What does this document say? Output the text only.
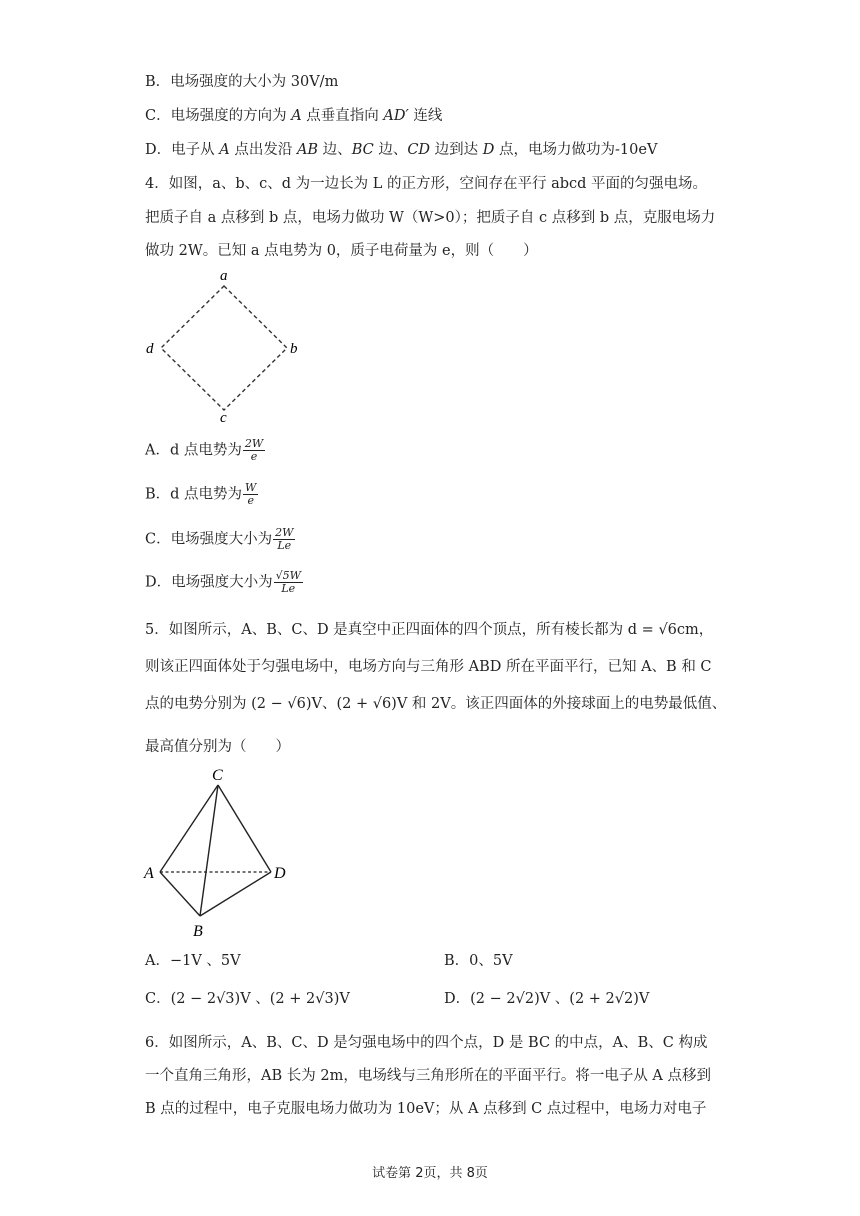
B．电场强度的大小为 30V/m
C．电场强度的方向为 A 点垂直指向 AD′ 连线
D．电子从 A 点出发沿 AB 边、BC 边、CD 边到达 D 点，电场力做功为-10eV
4．如图，a、b、c、d 为一边长为 L 的正方形，空间存在平行 abcd 平面的匀强电场。
把质子自 a 点移到 b 点，电场力做功 W（W>0）；把质子自 c 点移到 b 点，克服电场力
做功 2W。已知 a 点电势为 0，质子电荷量为 e，则（　　）
a
b
c
d
A．d 点电势为 $\frac{2W}{e}$
B．d 点电势为 $\frac{W}{e}$
C．电场强度大小为 $\frac{2W}{Le}$
D．电场强度大小为 $\frac{√5W}{Le}$
5．如图所示，A、B、C、D 是真空中正四面体的四个顶点，所有棱长都为 d = √6cm，
则该正四面体处于匀强电场中，电场方向与三角形 ABD 所在平面平行，已知 A、B 和 C
点的电势分别为 (2 − √6)V、(2 + √6)V 和 2V。该正四面体的外接球面上的电势最低值、
最高值分别为（　　）
C
A	D
B
A．−1V 、5V	B．0、5V
C．(2 − 2√3)V 、(2 + 2√3)V	D．(2 − 2√2)V 、(2 + 2√2)V
6．如图所示，A、B、C、D 是匀强电场中的四个点，D 是 BC 的中点，A、B、C 构成
一个直角三角形，AB 长为 2m，电场线与三角形所在的平面平行。将一电子从 A 点移到
B 点的过程中，电子克服电场力做功为 10eV；从 A 点移到 C 点过程中，电场力对电子
试卷第 2页，共 8页
